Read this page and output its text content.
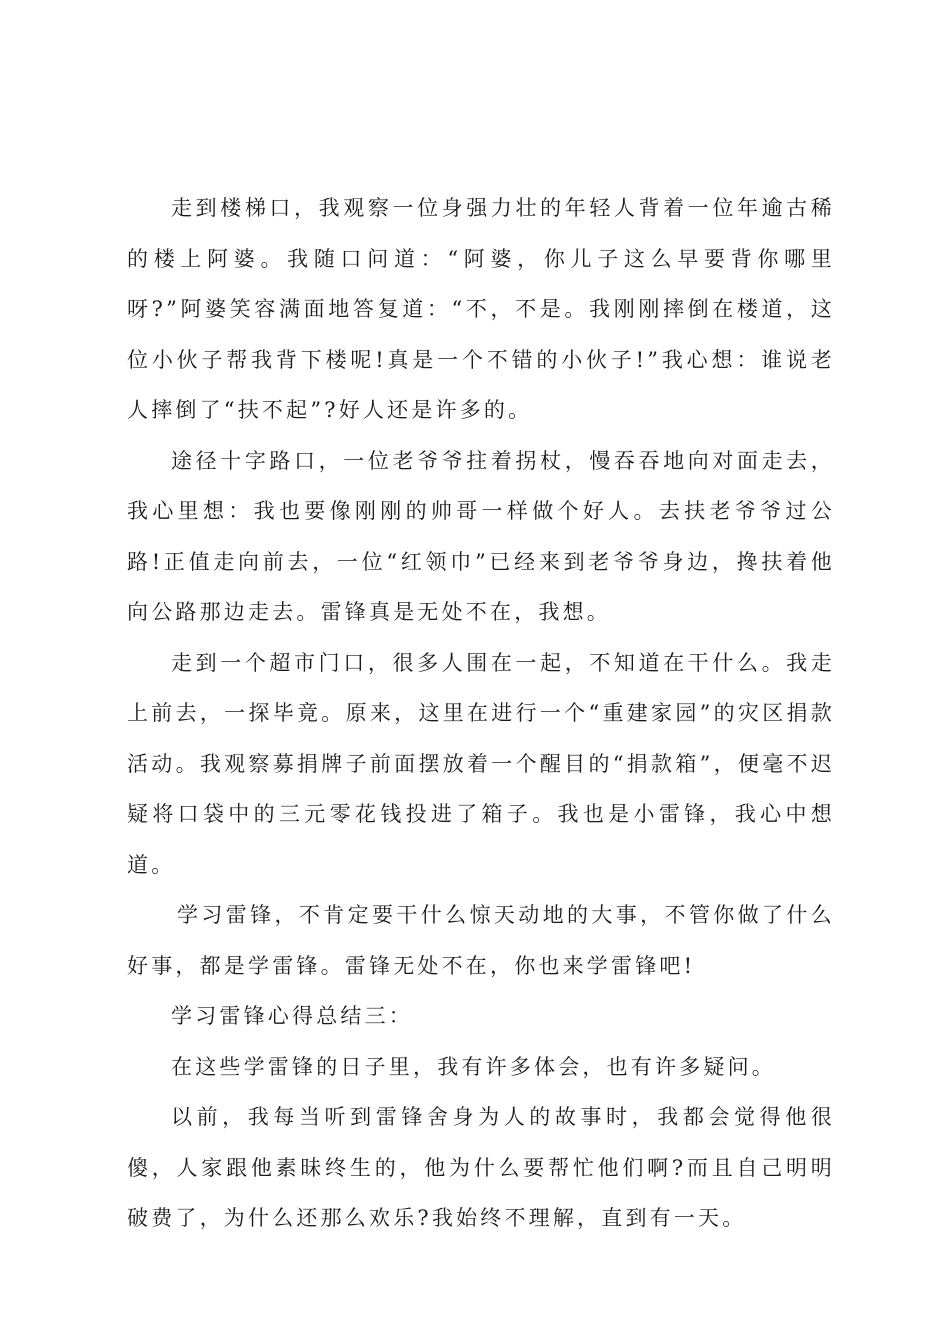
走到楼梯口，我观察一位身强力壮的年轻人背着一位年逾古稀的楼上阿婆。我随口问道：“阿婆，你儿子这么早要背你哪里呀?”阿婆笑容满面地答复道：“不，不是。我刚刚摔倒在楼道，这位小伙子帮我背下楼呢!真是一个不错的小伙子!”我心想：谁说老人摔倒了“扶不起”?好人还是许多的。

途径十字路口，一位老爷爷拄着拐杖，慢吞吞地向对面走去，我心里想：我也要像刚刚的帅哥一样做个好人。去扶老爷爷过公路!正值走向前去，一位“红领巾”已经来到老爷爷身边，搀扶着他向公路那边走去。雷锋真是无处不在，我想。

走到一个超市门口，很多人围在一起，不知道在干什么。我走上前去，一探毕竟。原来，这里在进行一个“重建家园”的灾区捐款活动。我观察募捐牌子前面摆放着一个醒目的“捐款箱”，便毫不迟疑将口袋中的三元零花钱投进了箱子。我也是小雷锋，我心中想道。

学习雷锋，不肯定要干什么惊天动地的大事，不管你做了什么好事，都是学雷锋。雷锋无处不在，你也来学雷锋吧!

学习雷锋心得总结三：

在这些学雷锋的日子里，我有许多体会，也有许多疑问。

以前，我每当听到雷锋舍身为人的故事时，我都会觉得他很傻，人家跟他素昧终生的，他为什么要帮忙他们啊?而且自己明明破费了，为什么还那么欢乐?我始终不理解，直到有一天。
